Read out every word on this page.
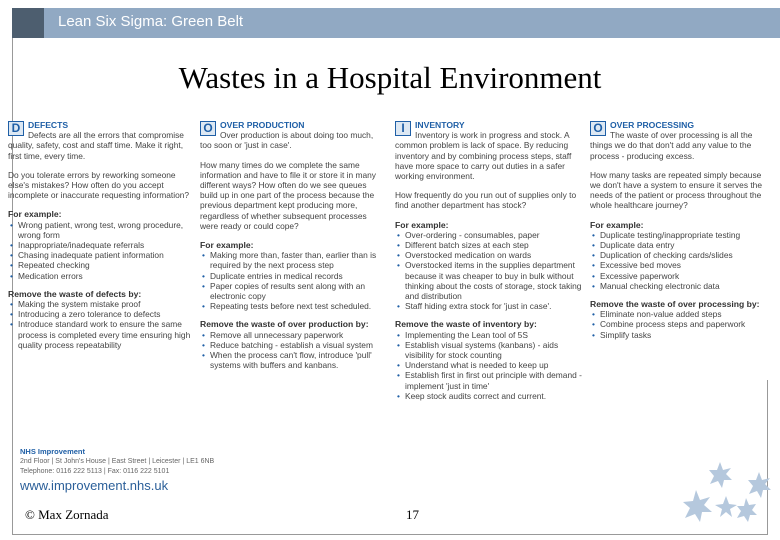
Lean Six Sigma: Green Belt
Wastes in a Hospital Environment
D DEFECTS

Defects are all the errors that compromise quality, safety, cost and staff time. Make it right, first time, every time.

Do you tolerate errors by reworking someone else's mistakes? How often do you accept incomplete or inaccurate requesting information?

For example:
• Wrong patient, wrong test, wrong procedure, wrong form
• Inappropriate/inadequate referrals
• Chasing inadequate patient information
• Repeated checking
• Medication errors
Remove the waste of defects by:
• Making the system mistake proof
• Introducing a zero tolerance to defects
• Introduce standard work to ensure the same process is completed every time ensuring high quality process repeatability
O OVER PRODUCTION

Over production is about doing too much, too soon or 'just in case'.

How many times do we complete the same information and have to file it or store it in many different ways? How often do we see queues build up in one part of the process because the previous department kept producing more, regardless of whether subsequent processes were ready or could cope?

For example:
• Making more than, faster than, earlier than is required by the next process step
• Duplicate entries in medical records
• Paper copies of results sent along with an electronic copy
• Repeating tests before next test scheduled.
Remove the waste of over production by:
• Remove all unnecessary paperwork
• Reduce batching - establish a visual system
• When the process can't flow, introduce 'pull' systems with buffers and kanbans.
I	INVENTORY

Inventory is work in progress and stock. A common problem is lack of space. By reducing inventory and by combining process steps, staff have more space to carry out duties in a safer working environment.

How frequently do you run out of supplies only to find another department has stock?

For example:
• Over-ordering - consumables, paper
• Different batch sizes at each step
• Overstocked medication on wards
• Overstocked items in the supplies department because it was cheaper to buy in bulk without thinking about the costs of storage, stock taking and distribution
• Staff hiding extra stock for 'just in case'.
Remove the waste of inventory by:
• Implementing the Lean tool of 5S
• Establish visual systems (kanbans) - aids visibility for stock counting
• Understand what is needed to keep up
• Establish first in first out principle with demand - implement 'just in time'
• Keep stock audits correct and current.
O OVER PROCESSING

The waste of over processing is all the things we do that don't add any value to the process - producing excess.

How many tasks are repeated simply because we don't have a system to ensure it serves the needs of the patient or process throughout the whole healthcare journey?

For example:
• Duplicate testing/inappropriate testing
• Duplicate data entry
• Duplication of checking cards/slides
• Excessive bed moves
• Excessive paperwork
• Manual checking electronic data
Remove the waste of over processing by:
• Eliminate non-value added steps
• Combine process steps and paperwork
• Simplify tasks
NHS Improvement
2nd Floor | St John's House | East Street | Leicester | LE1 6NB
Telephone: 0116 222 5113 | Fax: 0116 222 5101
www.improvement.nhs.uk
© Max Zornada	17
